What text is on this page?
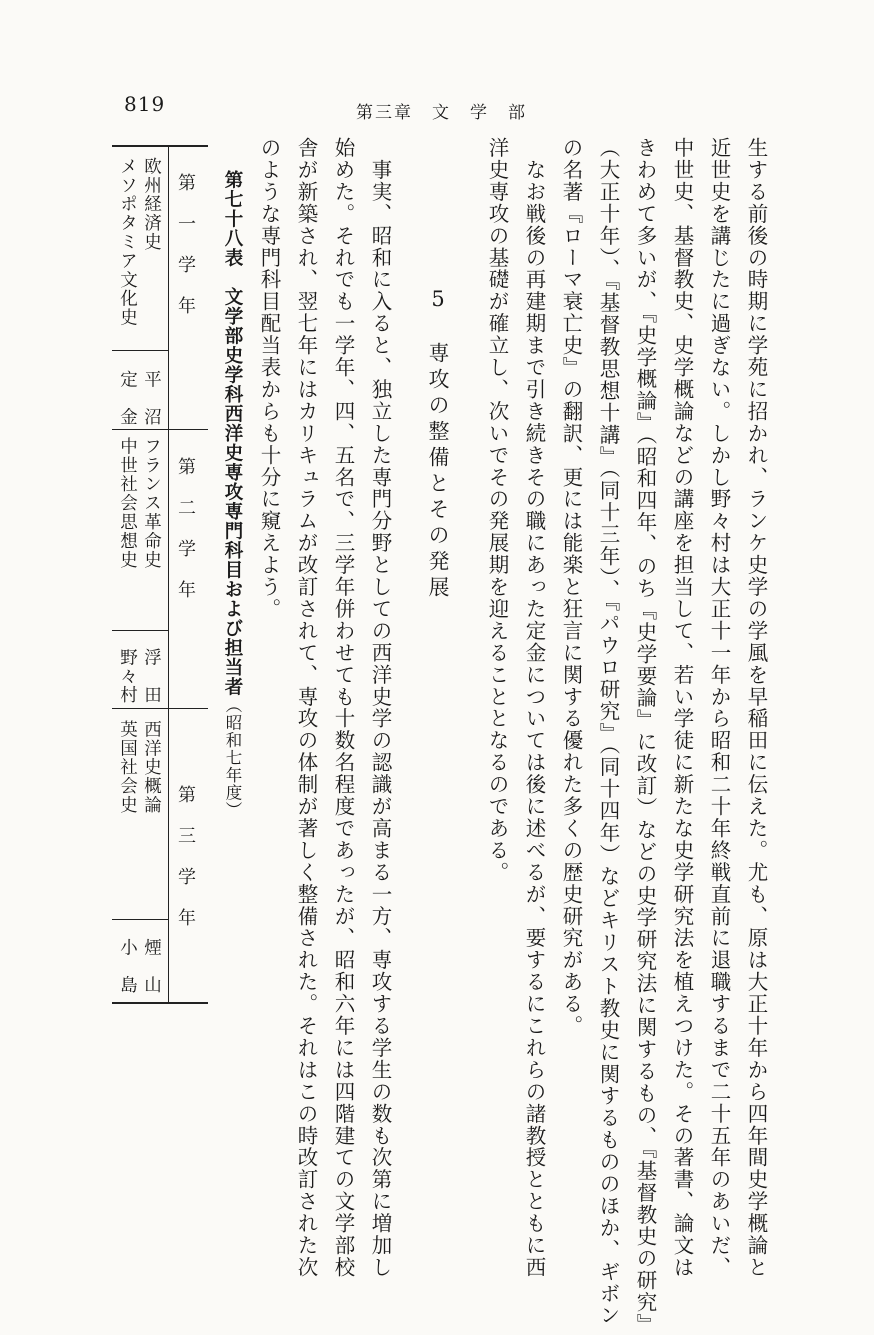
819	第三章　文　学　部
生する前後の時期に学苑に招かれ、ランケ史学の学風を早稲田に伝えた。尤も、原は大正十年から四年間史学概論と
近世史を講じたに過ぎない。しかし野々村は大正十一年から昭和二十年終戦直前に退職するまで二十五年のあいだ、
中世史、基督教史、史学概論などの講座を担当して、若い学徒に新たな史学研究法を植えつけた。その著書、論文は
きわめて多いが、『史学概論』（昭和四年、のち『史学要論』に改訂）などの史学研究法に関するもの、『基督教史の研究』
（大正十年）、『基督教思想十講』（同十三年）、『パウロ研究』（同十四年）などキリスト教史に関するもののほか、ギボン
の名著『ローマ衰亡史』の翻訳、更には能楽と狂言に関する優れた多くの歴史研究がある。
　なお戦後の再建期まで引き続きその職にあった定金については後に述べるが、要するにこれらの諸教授とともに西
洋史専攻の基礎が確立し、次いでその発展期を迎えることとなるのである。
5　専攻の整備とその発展
　事実、昭和に入ると、独立した専門分野としての西洋史学の認識が高まる一方、専攻する学生の数も次第に増加し
始めた。それでも一学年、四、五名で、三学年併わせても十数名程度であったが、昭和六年には四階建ての文学部校
舎が新築され、翌七年にはカリキュラムが改訂されて、専攻の体制が著しく整備された。それはこの時改訂された次
のような専門科目配当表からも十分に窺えよう。
第七十八表　文学部史学科西洋史専攻専門科目および担当者（昭和七年度）
第一学年
第二学年
第三学年
欧州経済史
メソポタミア文化史
平　沼
定　金
フランス革命史
中世社会思想史
浮　田
野々村
西洋史概論
英国社会史
煙　山
小　島
